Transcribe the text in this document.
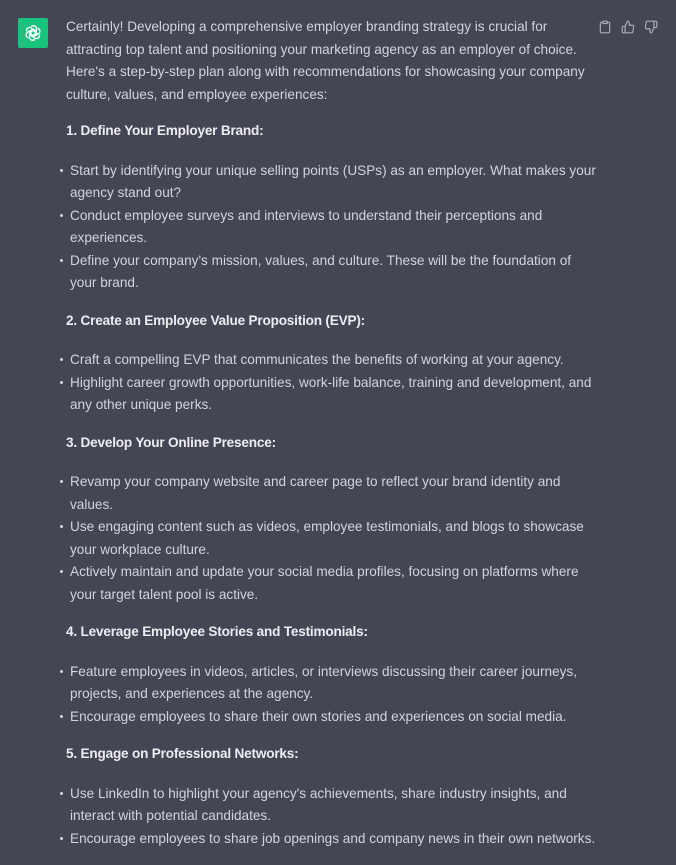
Certainly! Developing a comprehensive employer branding strategy is crucial for attracting top talent and positioning your marketing agency as an employer of choice. Here's a step-by-step plan along with recommendations for showcasing your company culture, values, and employee experiences:

1. Define Your Employer Brand:
Start by identifying your unique selling points (USPs) as an employer. What makes your agency stand out?
Conduct employee surveys and interviews to understand their perceptions and experiences.
Define your company's mission, values, and culture. These will be the foundation of your brand.
2. Create an Employee Value Proposition (EVP):
Craft a compelling EVP that communicates the benefits of working at your agency.
Highlight career growth opportunities, work-life balance, training and development, and any other unique perks.
3. Develop Your Online Presence:
Revamp your company website and career page to reflect your brand identity and values.
Use engaging content such as videos, employee testimonials, and blogs to showcase your workplace culture.
Actively maintain and update your social media profiles, focusing on platforms where your target talent pool is active.
4. Leverage Employee Stories and Testimonials:
Feature employees in videos, articles, or interviews discussing their career journeys, projects, and experiences at the agency.
Encourage employees to share their own stories and experiences on social media.
5. Engage on Professional Networks:
Use LinkedIn to highlight your agency's achievements, share industry insights, and interact with potential candidates.
Encourage employees to share job openings and company news in their own networks.
